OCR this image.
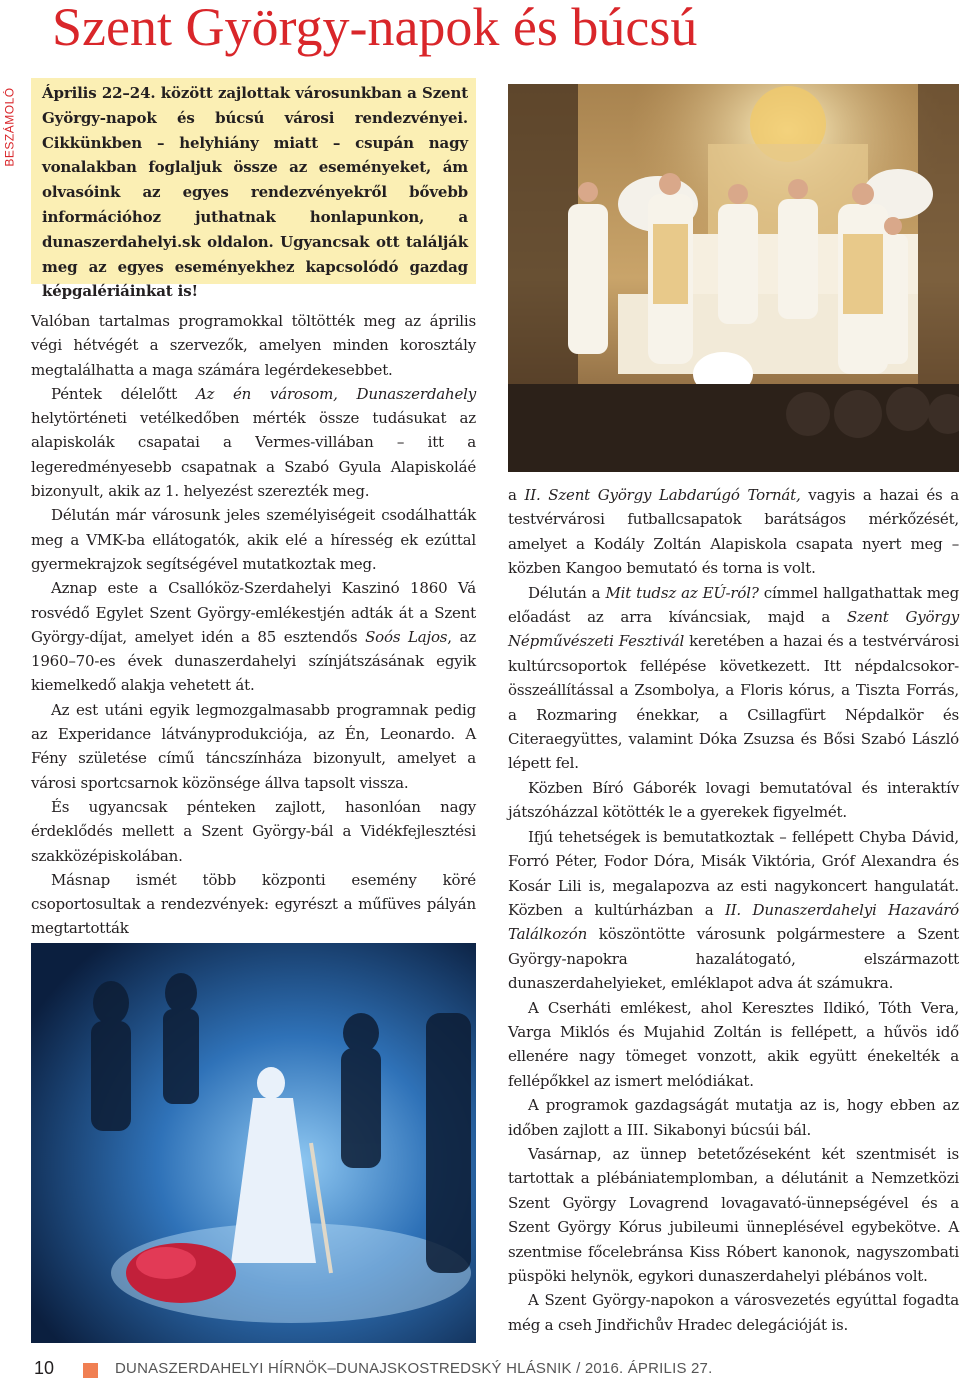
Szent György-napok és búcsú
BESZÁMOLÓ Április 22–24. között zajlottak városunkban a Szent György-napok és búcsú városi rendezvényei. Cikkünkben – helyhiány miatt – csupán nagy vonalakban foglaljuk össze az eseményeket, ám olvasóink az egyes rendezvényekről bővebb információhoz juthatnak honlapunkon, a dunaszerdahelyi.sk oldalon. Ugyancsak ott találják meg az egyes eseményekhez kapcsolódó gazdag képgalériáinkat is!

Valóban tartalmas programokkal töltötték meg az április végi hétvégét a szervezők, amelyen minden korosztály megtalálhatta a maga számára legérdekesebbet.

Péntek délelőtt Az én városom, Dunaszerdahely helytörténeti vetélkedőben mérték össze tudásukat az alapiskolák csapatai a Vermes-villában – itt a legeredményesebb csapatnak a Szabó Gyula Alapiskoláé bizonyult, akik az 1. helyezést szerezték meg.

Délután már városunk jeles személyiségeit csodálhatták meg a VMK-ba ellátogatók, akik elé a híresség ek ezúttal gyermekrajzok segítségével mutatkoztak meg.

Aznap este a Csallóköz-Szerdahelyi Kaszinó 1860 Vá rosvédő Egylet Szent György-emlékestjén adták át a Szent György-díjat, amelyet idén a 85 esztendős Soós Lajos, az 1960–70-es évek dunaszerdahelyi színjátszásának egyik kiemelkedő alakja vehetett át.

Az est utáni egyik legmozgalmasabb programnak pedig az Experidance látványprodukciója, az Én, Leonardo. A Fény születése című táncszínháza bizonyult, amelyet a városi sportcsarnok közönsége állva tapsolt vissza.

És ugyancsak pénteken zajlott, hasonlóan nagy érdeklődés mellett a Szent György-bál a Vidékfejlesztési szakközépiskolában.

Másnap ismét több központi esemény köré csoportosultak a rendezvények: egyrészt a műfüves pályán megtartották

a II. Szent György Labdarúgó Tornát, vagyis a hazai és a testvérvárosi futballcsapatok barátságos mérkőzését, amelyet a Kodály Zoltán Alapiskola csapata nyert meg – közben Kangoo bemutató és torna is volt.

Délután a Mit tudsz az EÚ-ról? címmel hallgathattak meg előadást az arra kíváncsiak, majd a Szent György Népművészeti Fesztivál keretében a hazai és a testvérvárosi kultúrcsoportok fellépése következett. Itt népdalcsokor-összeállítással a Zsombolya, a Floris kórus, a Tiszta Forrás, a Rozmaring énekkar, a Csillagfürt Népdalkör és Citeraegyüttes, valamint Dóka Zsuzsa és Bősi Szabó László lépett fel.

Közben Bíró Gáborék lovagi bemutatóval és interaktív játszóházzal kötötték le a gyerekek figyelmét.

Ifjú tehetségek is bemutatkoztak – fellépett Chyba Dávid, Forró Péter, Fodor Dóra, Misák Viktória, Gróf Alexandra és Kosár Lili is, megalapozva az esti nagykoncert hangulatát. Közben a kultúrházban a II. Dunaszerdahelyi Hazaváró Találkozón köszöntötte városunk polgármestere a Szent György-napokra hazalátogató, elszármazott dunaszerdahelyieket, emléklapot adva át számukra.

A Cserháti emlékest, ahol Keresztes Ildikó, Tóth Vera, Varga Miklós és Mujahid Zoltán is fellépett, a hűvös idő ellenére nagy tömeget vonzott, akik együtt énekelték a fellépőkkel az ismert melódiákat.

A programok gazdagságát mutatja az is, hogy ebben az időben zajlott a III. Sikabonyi búcsúi bál.

Vasárnap, az ünnep betetőzéseként két szentmisét is tartottak a plébániatemplomban, a délutánit a Nemzetközi Szent György Lovagrend lovagavató-ünnepségével és a Szent György Kórus jubileumi ünneplésével egybekötve. A szentmise főcelebránsa Kiss Róbert kanonok, nagyszombati püspöki helynök, egykori dunaszerdahelyi plébános volt.

A Szent György-napokon a városvezetés egyúttal fogadta még a cseh Jindřichův Hradec delegációját is.

10	DUNASZERDAHELYI HÍRNÖK–DUNAJSKOSTREDSKÝ HLÁSNIK / 2016. ÁPRILIS 27.
